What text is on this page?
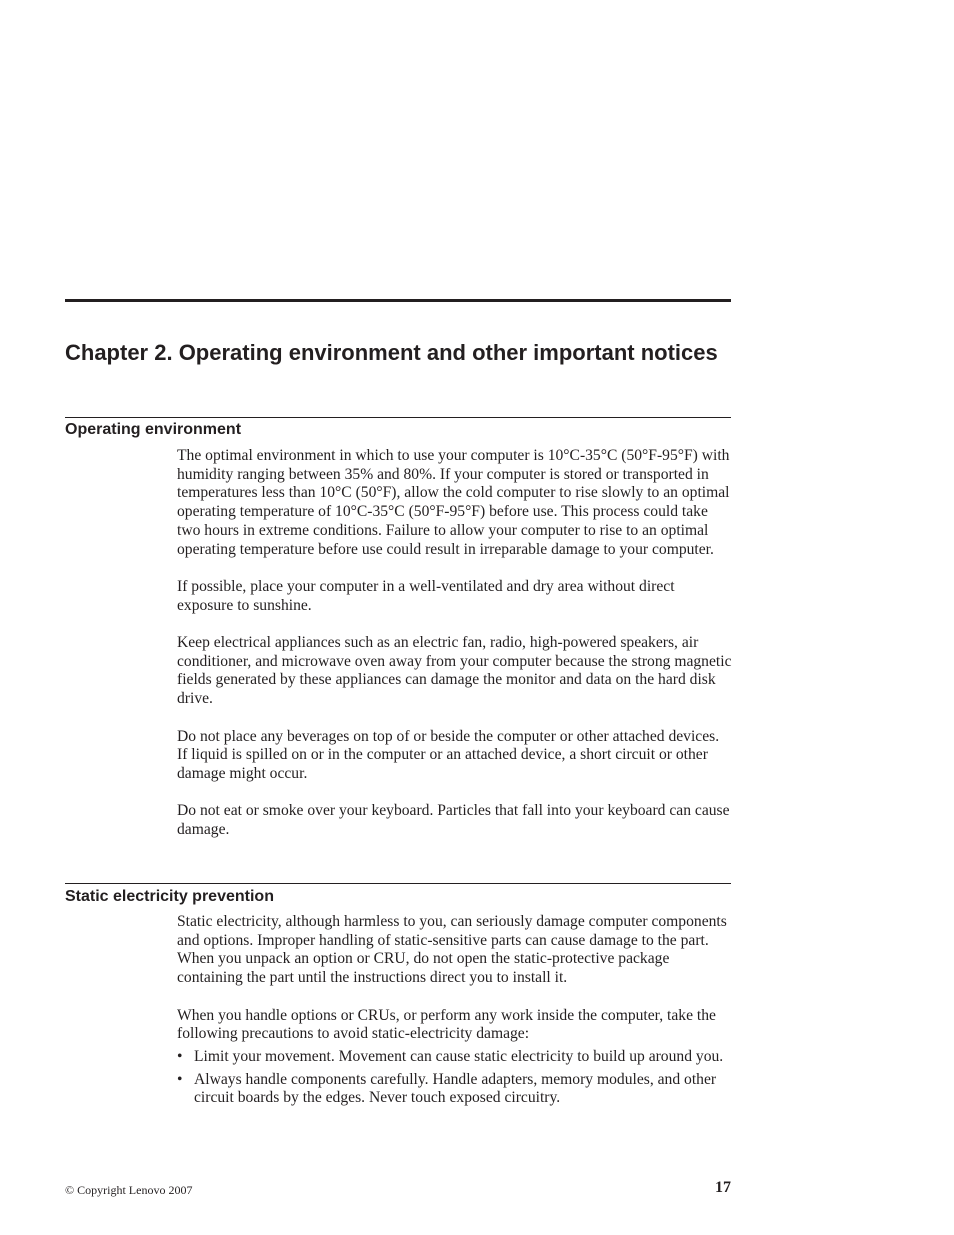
Chapter 2. Operating environment and other important notices
Operating environment

The optimal environment in which to use your computer is 10°C-35°C (50°F-95°F) with humidity ranging between 35% and 80%. If your computer is stored or transported in temperatures less than 10°C (50°F), allow the cold computer to rise slowly to an optimal operating temperature of 10°C-35°C (50°F-95°F) before use. This process could take two hours in extreme conditions. Failure to allow your computer to rise to an optimal operating temperature before use could result in irreparable damage to your computer.

If possible, place your computer in a well-ventilated and dry area without direct exposure to sunshine.

Keep electrical appliances such as an electric fan, radio, high-powered speakers, air conditioner, and microwave oven away from your computer because the strong magnetic fields generated by these appliances can damage the monitor and data on the hard disk drive.

Do not place any beverages on top of or beside the computer or other attached devices. If liquid is spilled on or in the computer or an attached device, a short circuit or other damage might occur.

Do not eat or smoke over your keyboard. Particles that fall into your keyboard can cause damage.

Static electricity prevention

Static electricity, although harmless to you, can seriously damage computer components and options. Improper handling of static-sensitive parts can cause damage to the part. When you unpack an option or CRU, do not open the static-protective package containing the part until the instructions direct you to install it.

When you handle options or CRUs, or perform any work inside the computer, take the following precautions to avoid static-electricity damage:

• Limit your movement. Movement can cause static electricity to build up around you.
• Always handle components carefully. Handle adapters, memory modules, and other circuit boards by the edges. Never touch exposed circuitry.
© Copyright Lenovo 2007	17
